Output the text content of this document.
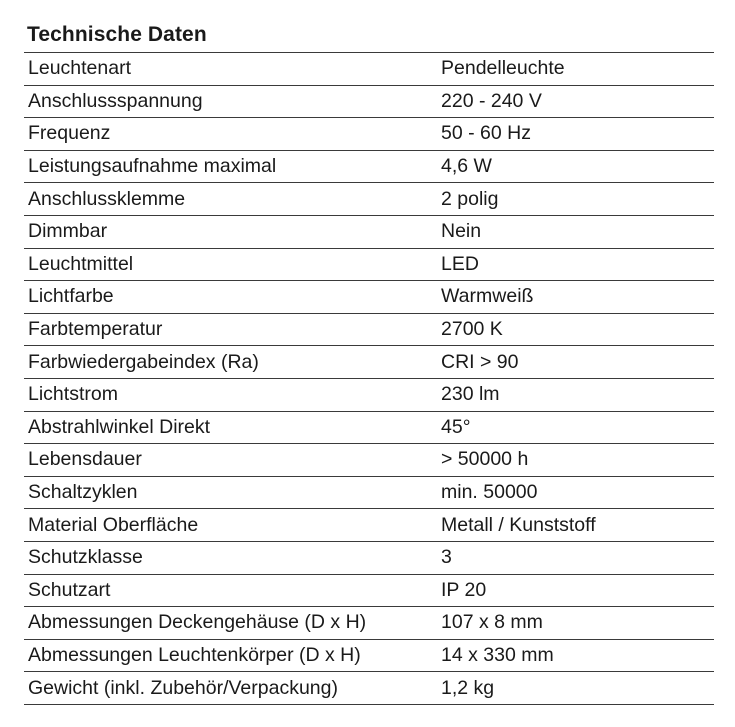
Technische Daten
Leuchtenart	Pendelleuchte
Anschlussspannung	220 - 240 V
Frequenz	50 - 60 Hz
Leistungsaufnahme maximal	4,6 W
Anschlussklemme	2 polig
Dimmbar	Nein
Leuchtmittel	LED
Lichtfarbe	Warmweiß
Farbtemperatur	2700 K
Farbwiedergabeindex (Ra)	CRI > 90
Lichtstrom	230 lm
Abstrahlwinkel Direkt	45°
Lebensdauer	> 50000 h
Schaltzyklen	min. 50000
Material Oberfläche	Metall / Kunststoff
Schutzklasse	3
Schutzart	IP 20
Abmessungen Deckengehäuse (D x H)	107 x 8 mm
Abmessungen Leuchtenkörper (D x H)	14 x 330 mm
Gewicht (inkl. Zubehör/Verpackung)	1,2 kg
